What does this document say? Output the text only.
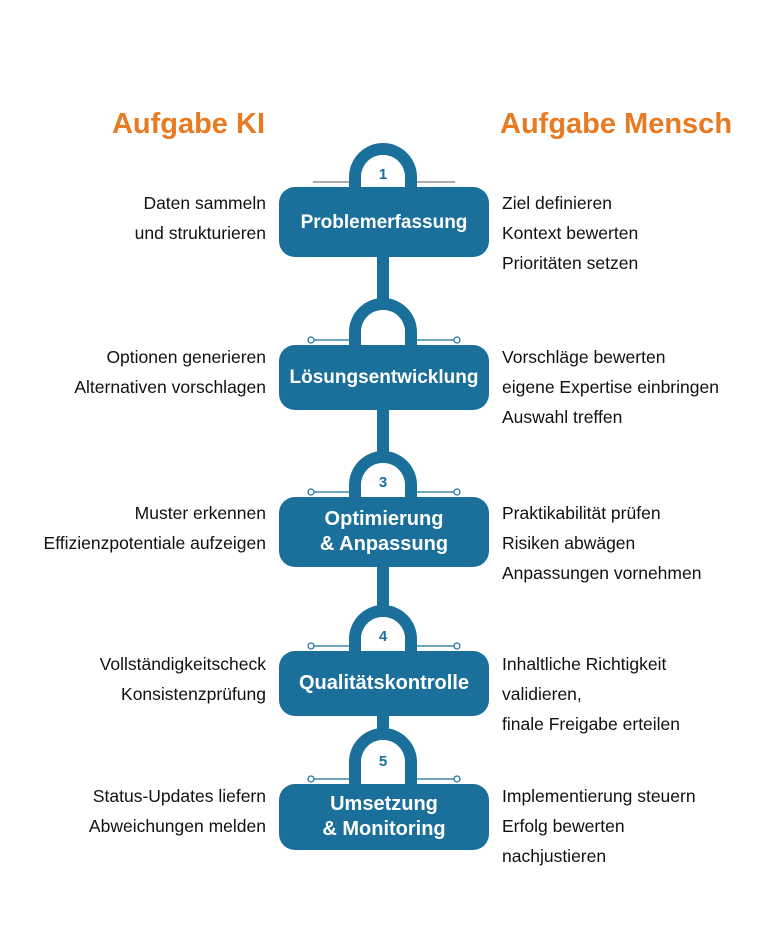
Aufgabe KI	Aufgabe Mensch
1
Problemerfassung
Daten sammeln
und strukturieren
Ziel definieren
Kontext bewerten
Prioritäten setzen
Lösungsentwicklung
Optionen generieren
Alternativen vorschlagen
Vorschläge bewerten
eigene Expertise einbringen
Auswahl treffen
3
Optimierung
& Anpassung
Muster erkennen
Effizienzpotentiale aufzeigen
Praktikabilität prüfen
Risiken abwägen
Anpassungen vornehmen
4
Qualitätskontrolle
Vollständigkeitscheck
Konsistenzprüfung
Inhaltliche Richtigkeit
validieren,
finale Freigabe erteilen
5
Umsetzung
& Monitoring
Status-Updates liefern
Abweichungen melden
Implementierung steuern
Erfolg bewerten
nachjustieren
